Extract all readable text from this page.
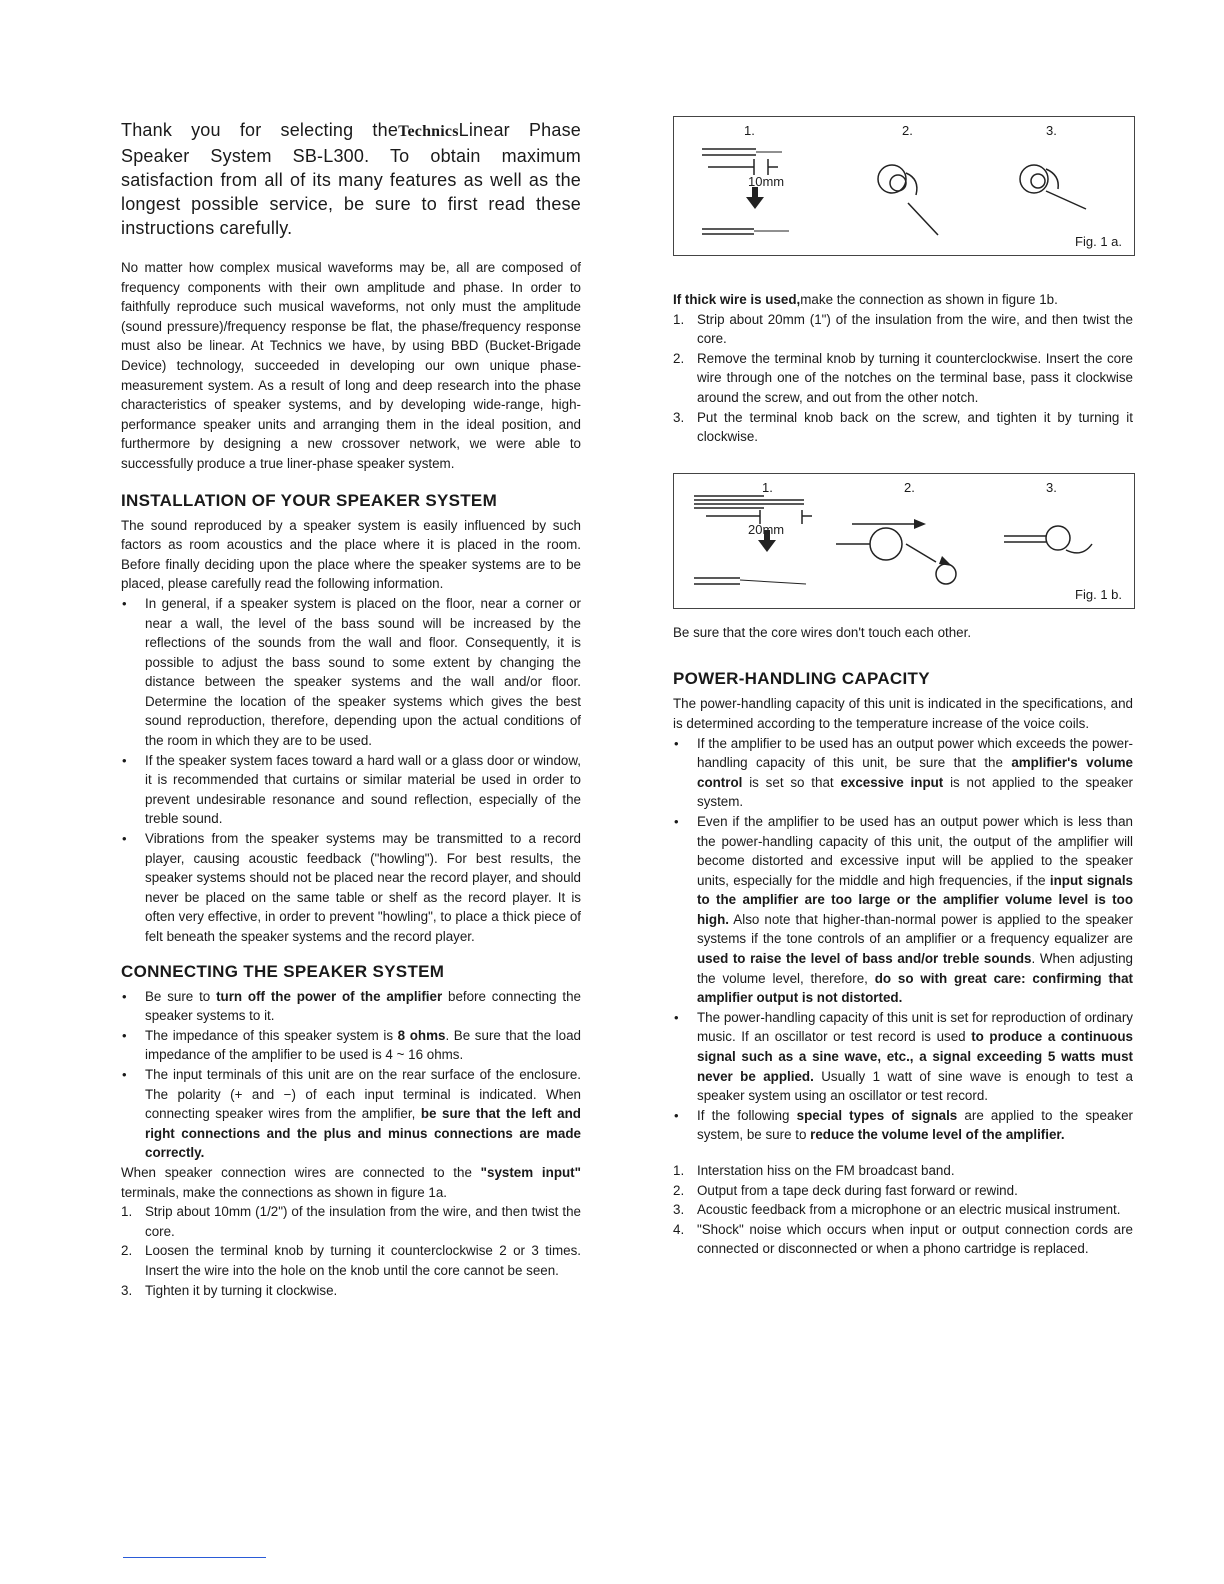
Thank you for selecting theTechnicsLinear Phase Speaker System SB-L300. To obtain maximum satisfaction from all of its many features as well as the longest possible service, be sure to first read these instructions carefully.

No matter how complex musical waveforms may be, all are composed of frequency components with their own amplitude and phase. In order to faithfully reproduce such musical waveforms, not only must the amplitude (sound pressure)/frequency response be flat, the phase/frequency response must also be linear. At Technics we have, by using BBD (Bucket-Brigade Device) technology, succeeded in developing our own unique phase-measurement system. As a result of long and deep research into the phase characteristics of speaker systems, and by developing wide-range, high-performance speaker units and arranging them in the ideal position, and furthermore by designing a new crossover network, we were able to successfully produce a true liner-phase speaker system.

INSTALLATION OF YOUR SPEAKER SYSTEM

The sound reproduced by a speaker system is easily influenced by such factors as room acoustics and the place where it is placed in the room. Before finally deciding upon the place where the speaker systems are to be placed, please carefully read the following information.

• In general, if a speaker system is placed on the floor, near a corner or near a wall, the level of the bass sound will be increased by the reflections of the sounds from the wall and floor. Consequently, it is possible to adjust the bass sound to some extent by changing the distance between the speaker systems and the wall and/or floor. Determine the location of the speaker systems which gives the best sound reproduction, therefore, depending upon the actual conditions of the room in which they are to be used.
• If the speaker system faces toward a hard wall or a glass door or window, it is recommended that curtains or similar material be used in order to prevent undesirable resonance and sound reflection, especially of the treble sound.
• Vibrations from the speaker systems may be transmitted to a record player, causing acoustic feedback ("howling"). For best results, the speaker systems should not be placed near the record player, and should never be placed on the same table or shelf as the record player. It is often very effective, in order to prevent "howling", to place a thick piece of felt beneath the speaker systems and the record player.
CONNECTING THE SPEAKER SYSTEM
• Be sure to turn off the power of the amplifier before connecting the speaker systems to it.
• The impedance of this speaker system is 8 ohms. Be sure that the load impedance of the amplifier to be used is 4 ~ 16 ohms.
• The input terminals of this unit are on the rear surface of the enclosure. The polarity (+ and −) of each input terminal is indicated. When connecting speaker wires from the amplifier, be sure that the left and right connections and the plus and minus connections are made correctly.

When speaker connection wires are connected to the "system input" terminals, make the connections as shown in figure 1a.

1. Strip about 10mm (1/2") of the insulation from the wire, and then twist the core.
2. Loosen the terminal knob by turning it counterclockwise 2 or 3 times. Insert the wire into the hole on the knob until the core cannot be seen.
3. Tighten it by turning it clockwise.
1.	2.	3.
10mm
Fig. 1 a.

If thick wire is used,make the connection as shown in figure 1b.

1. Strip about 20mm (1") of the insulation from the wire, and then twist the core.
2. Remove the terminal knob by turning it counterclockwise. Insert the core wire through one of the notches on the terminal base, pass it clockwise around the screw, and out from the other notch.
3. Put the terminal knob back on the screw, and tighten it by turning it clockwise.
1.	2.	3.
20mm
Fig. 1 b.

Be sure that the core wires don't touch each other.

POWER-HANDLING CAPACITY

The power-handling capacity of this unit is indicated in the specifications, and is determined according to the temperature increase of the voice coils.

• If the amplifier to be used has an output power which exceeds the power-handling capacity of this unit, be sure that the amplifier's volume control is set so that excessive input is not applied to the speaker system.
• Even if the amplifier to be used has an output power which is less than the power-handling capacity of this unit, the output of the amplifier will become distorted and excessive input will be applied to the speaker units, especially for the middle and high frequencies, if the input signals to the amplifier are too large or the amplifier volume level is too high. Also note that higher-than-normal power is applied to the speaker systems if the tone controls of an amplifier or a frequency equalizer are used to raise the level of bass and/or treble sounds. When adjusting the volume level, therefore, do so with great care: confirming that amplifier output is not distorted.
• The power-handling capacity of this unit is set for reproduction of ordinary music. If an oscillator or test record is used to produce a continuous signal such as a sine wave, etc., a signal exceeding 5 watts must never be applied. Usually 1 watt of sine wave is enough to test a speaker system using an oscillator or test record.
• If the following special types of signals are applied to the speaker system, be sure to reduce the volume level of the amplifier.
1. Interstation hiss on the FM broadcast band.
2. Output from a tape deck during fast forward or rewind.
3. Acoustic feedback from a microphone or an electric musical instrument.
4. "Shock" noise which occurs when input or output connection cords are connected or disconnected or when a phono cartridge is replaced.
